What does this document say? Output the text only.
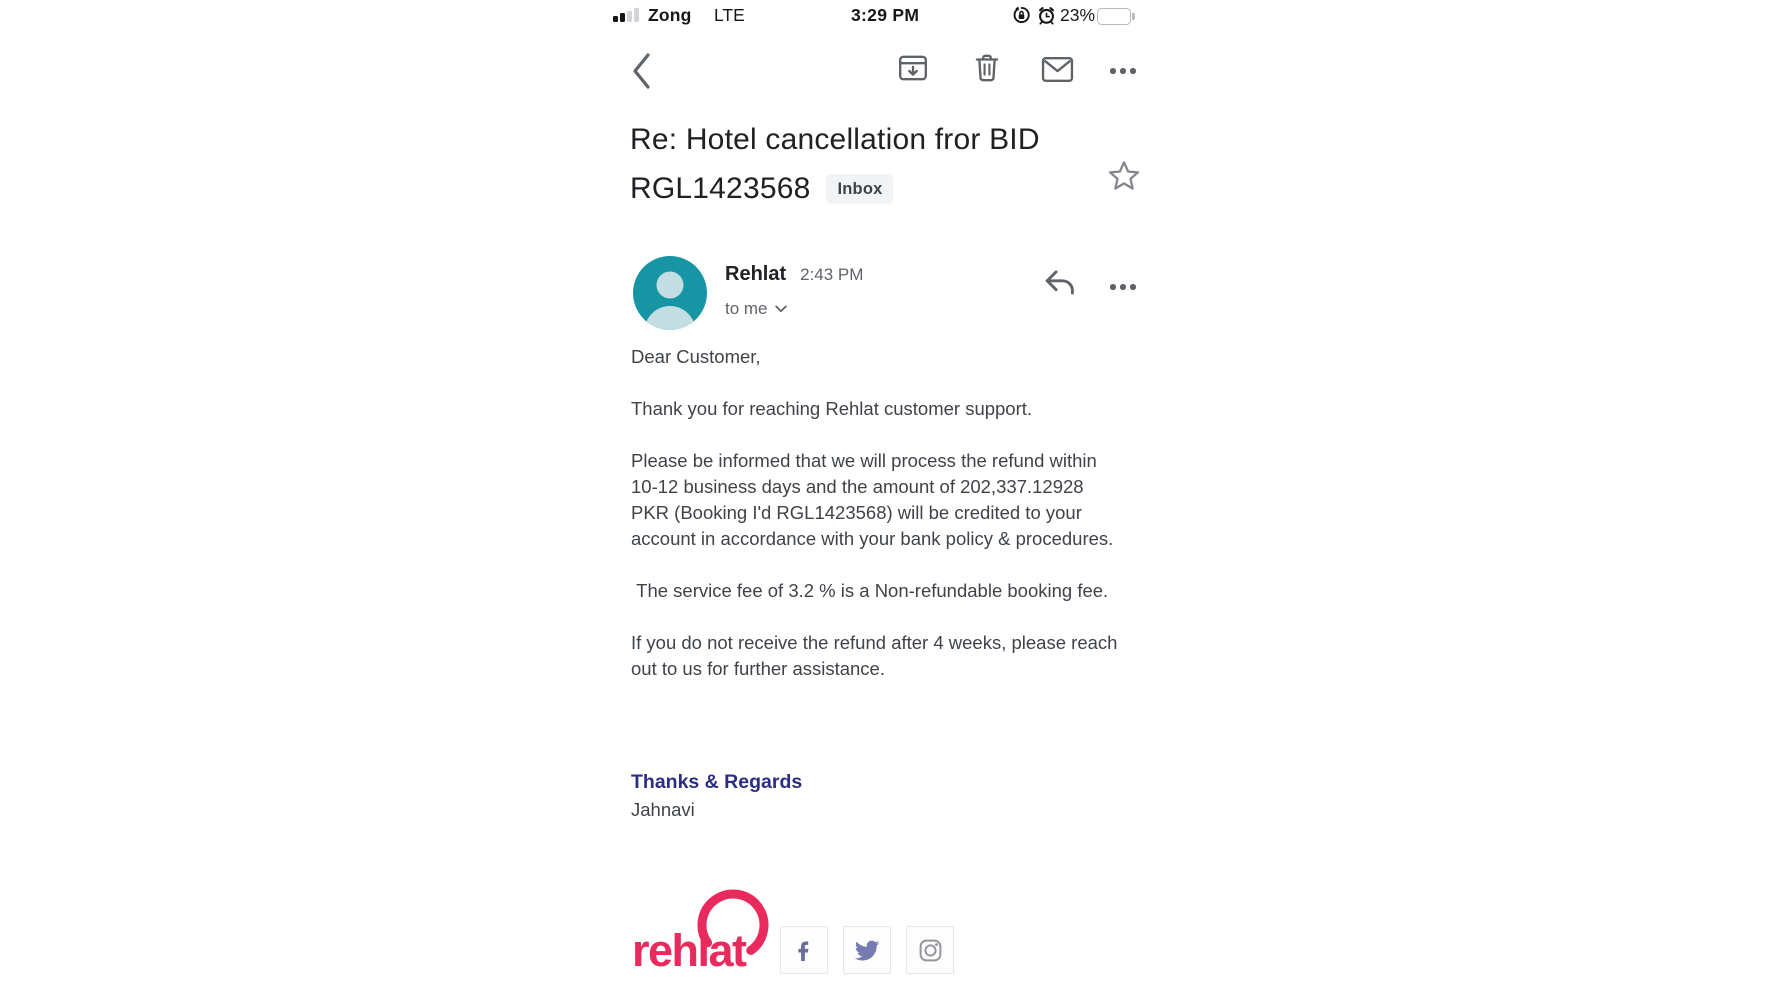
Zong LTE	3:29 PM	23%
Re: Hotel cancellation fror BID RGL1423568 Inbox
Rehlat 2:43 PM
to me

Dear Customer,

Thank you for reaching Rehlat customer support.

Please be informed that we will process the refund within 10-12 business days and the amount of 202,337.12928 PKR (Booking I'd RGL1423568) will be credited to your account in accordance with your bank policy & procedures.

The service fee of 3.2 % is a Non-refundable booking fee.

If you do not receive the refund after 4 weeks, please reach out to us for further assistance.

Thanks & Regards
Jahnavi
rehlat
